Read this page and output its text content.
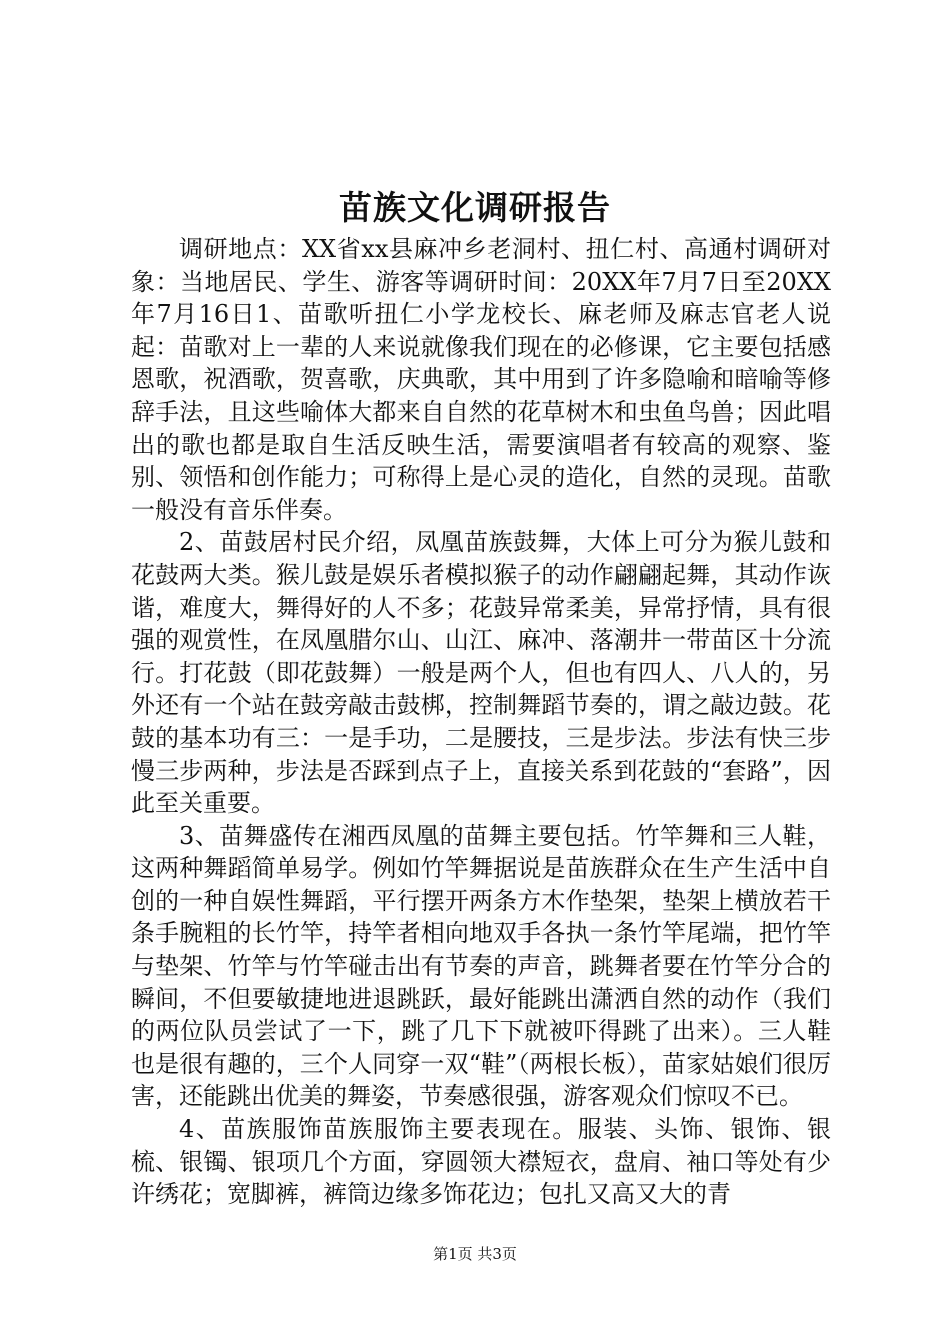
苗族文化调研报告

调研地点：XX省xx县麻冲乡老洞村、扭仁村、高通村调研对象：当地居民、学生、游客等调研时间：20XX年7月7日至20XX年7月16日1、苗歌听扭仁小学龙校长、麻老师及麻志官老人说起：苗歌对上一辈的人来说就像我们现在的必修课，它主要包括感恩歌，祝酒歌，贺喜歌，庆典歌，其中用到了许多隐喻和暗喻等修辞手法，且这些喻体大都来自自然的花草树木和虫鱼鸟兽；因此唱出的歌也都是取自生活反映生活，需要演唱者有较高的观察、鉴别、领悟和创作能力；可称得上是心灵的造化，自然的灵现。苗歌一般没有音乐伴奏。

2、苗鼓居村民介绍，凤凰苗族鼓舞，大体上可分为猴儿鼓和花鼓两大类。猴儿鼓是娱乐者模拟猴子的动作翩翩起舞，其动作诙谐，难度大，舞得好的人不多；花鼓异常柔美，异常抒情，具有很强的观赏性，在凤凰腊尔山、山江、麻冲、落潮井一带苗区十分流行。打花鼓（即花鼓舞）一般是两个人，但也有四人、八人的，另外还有一个站在鼓旁敲击鼓梆，控制舞蹈节奏的，谓之敲边鼓。花鼓的基本功有三：一是手功，二是腰技，三是步法。步法有快三步慢三步两种，步法是否踩到点子上，直接关系到花鼓的“套路”，因此至关重要。

3、苗舞盛传在湘西凤凰的苗舞主要包括。竹竿舞和三人鞋，这两种舞蹈简单易学。例如竹竿舞据说是苗族群众在生产生活中自创的一种自娱性舞蹈，平行摆开两条方木作垫架，垫架上横放若干条手腕粗的长竹竿，持竿者相向地双手各执一条竹竿尾端，把竹竿与垫架、竹竿与竹竿碰击出有节奏的声音，跳舞者要在竹竿分合的瞬间，不但要敏捷地进退跳跃，最好能跳出潇洒自然的动作（我们的两位队员尝试了一下，跳了几下下就被吓得跳了出来）。三人鞋也是很有趣的，三个人同穿一双“鞋”（两根长板），苗家姑娘们很厉害，还能跳出优美的舞姿，节奏感很强，游客观众们惊叹不已。

4、苗族服饰苗族服饰主要表现在。服装、头饰、银饰、银梳、银镯、银项几个方面，穿圆领大襟短衣，盘肩、袖口等处有少许绣花；宽脚裤，裤筒边缘多饰花边；包扎又高又大的青

第1页 共3页
